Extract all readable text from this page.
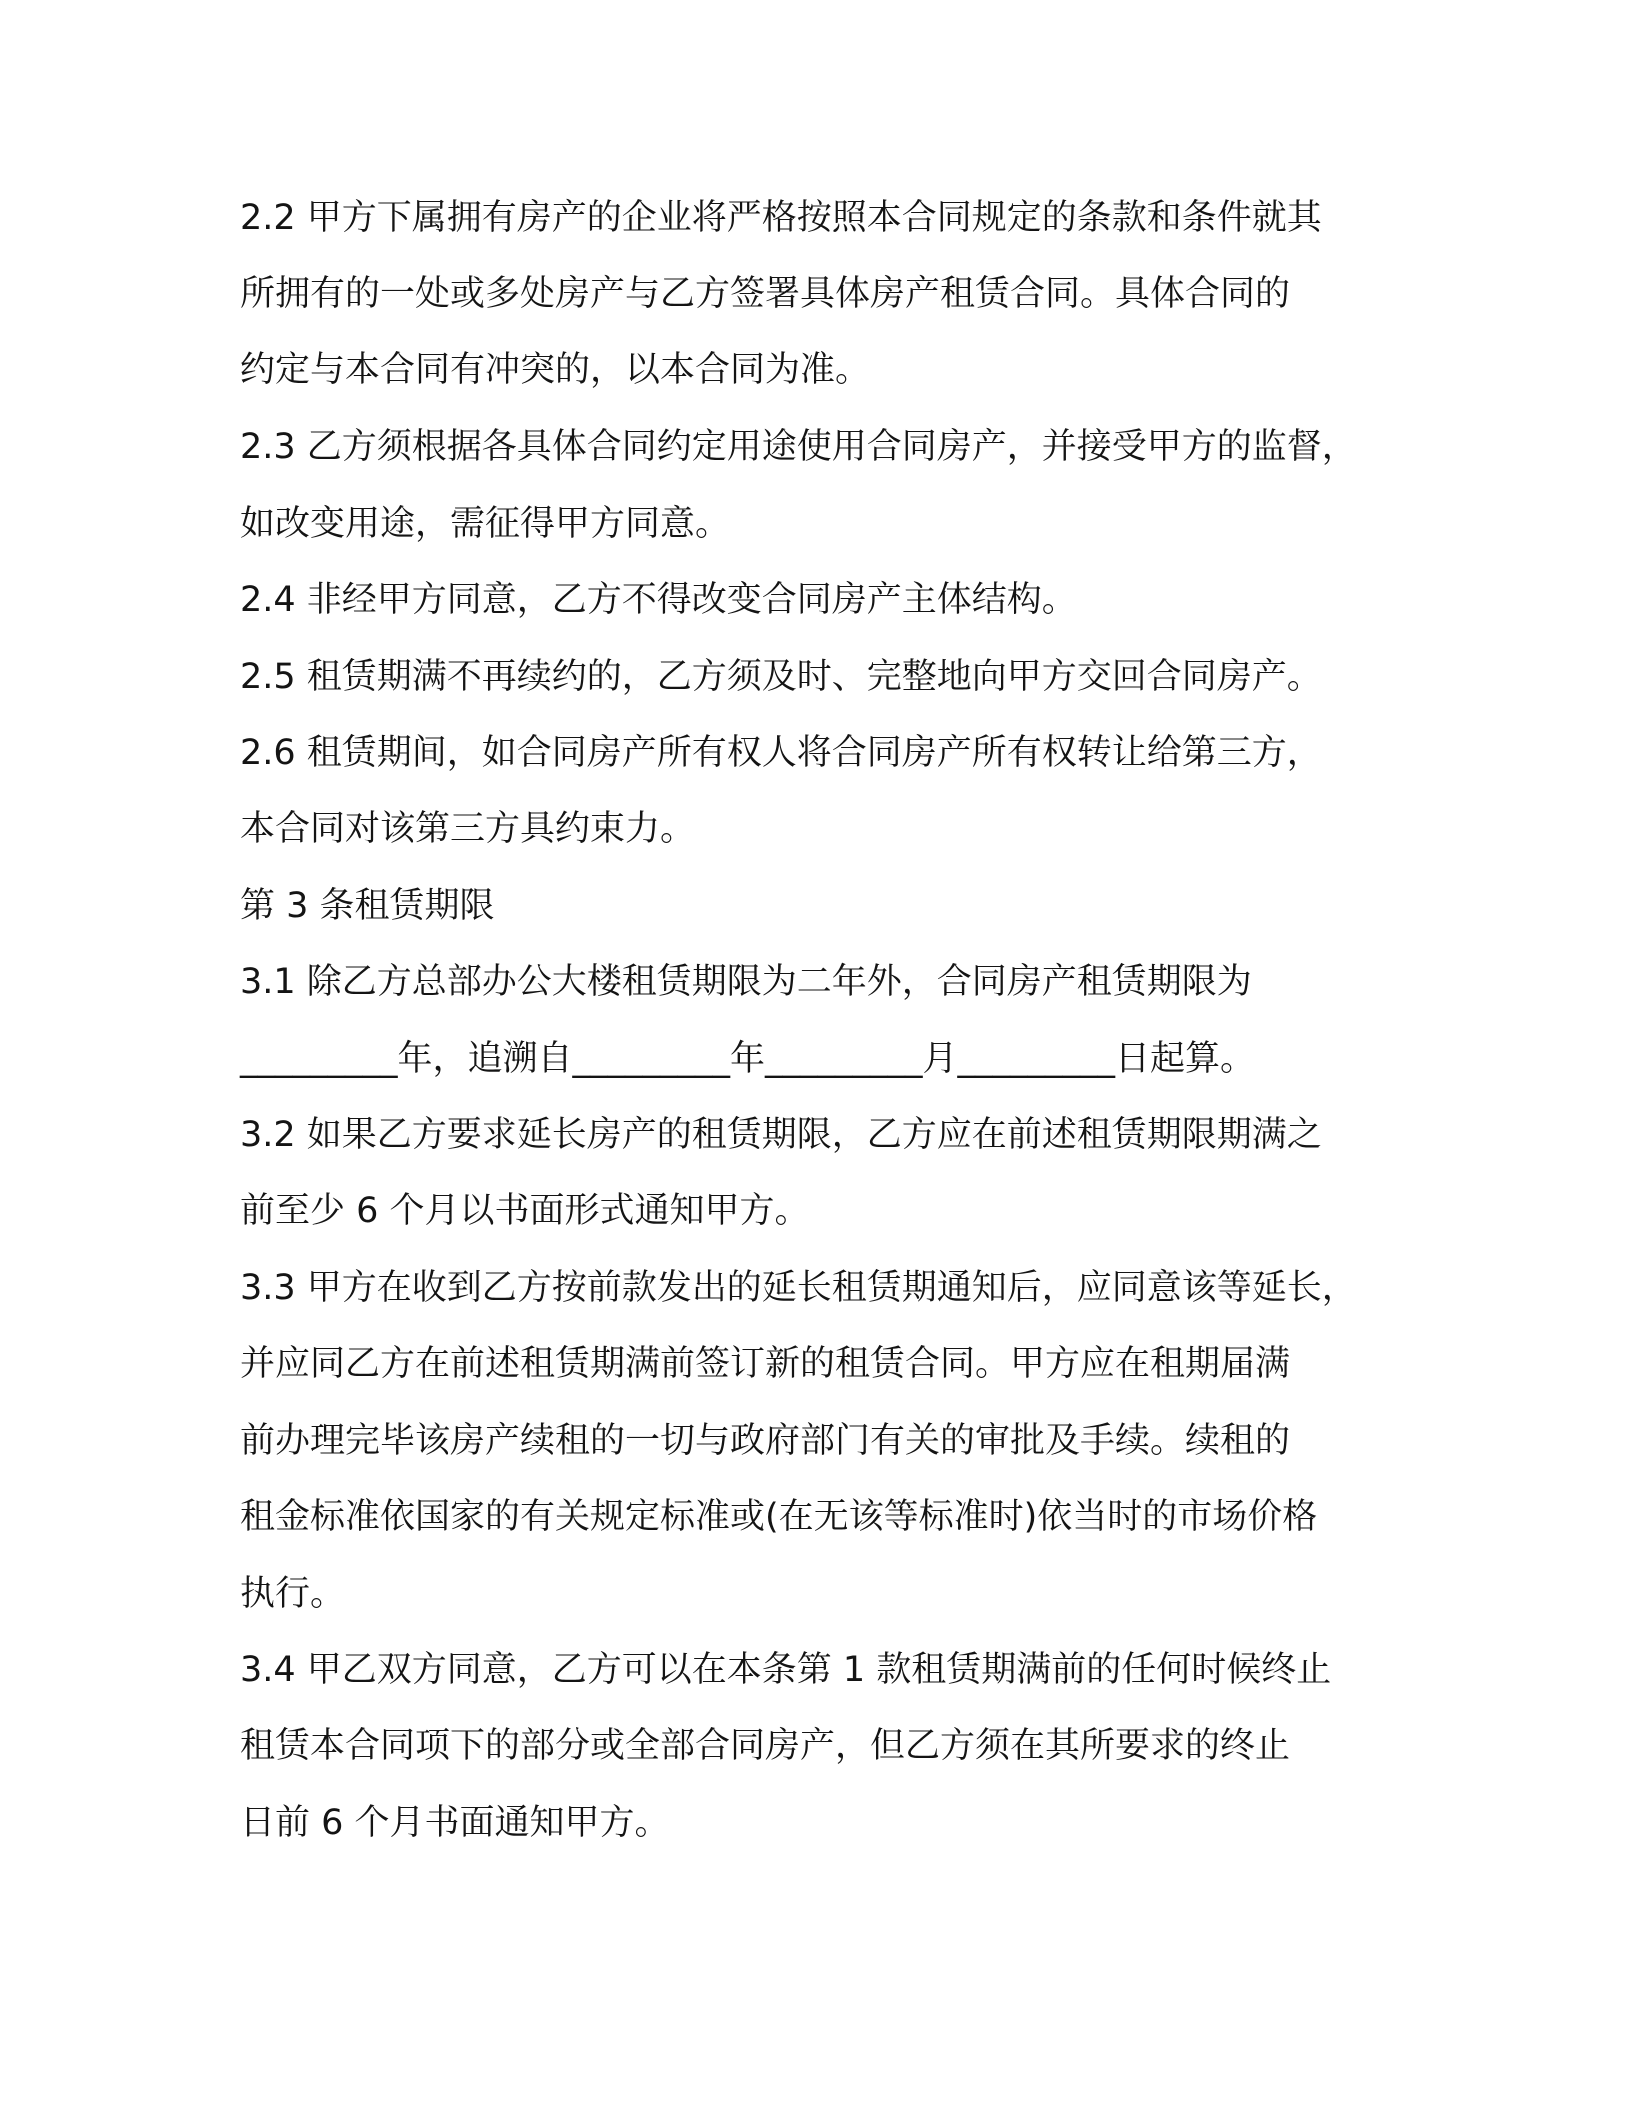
2.2 甲方下属拥有房产的企业将严格按照本合同规定的条款和条件就其

所拥有的一处或多处房产与乙方签署具体房产租赁合同。具体合同的

约定与本合同有冲突的，以本合同为准。

2.3 乙方须根据各具体合同约定用途使用合同房产，并接受甲方的监督，

如改变用途，需征得甲方同意。

2.4 非经甲方同意，乙方不得改变合同房产主体结构。

2.5 租赁期满不再续约的，乙方须及时、完整地向甲方交回合同房产。

2.6 租赁期间，如合同房产所有权人将合同房产所有权转让给第三方，

本合同对该第三方具约束力。

第 3 条租赁期限

3.1 除乙方总部办公大楼租赁期限为二年外，合同房产租赁期限为

_________年，追溯自_________年_________月_________日起算。

3.2 如果乙方要求延长房产的租赁期限，乙方应在前述租赁期限期满之

前至少 6 个月以书面形式通知甲方。

3.3 甲方在收到乙方按前款发出的延长租赁期通知后，应同意该等延长，

并应同乙方在前述租赁期满前签订新的租赁合同。甲方应在租期届满

前办理完毕该房产续租的一切与政府部门有关的审批及手续。续租的

租金标准依国家的有关规定标准或(在无该等标准时)依当时的市场价格

执行。

3.4 甲乙双方同意，乙方可以在本条第 1 款租赁期满前的任何时候终止

租赁本合同项下的部分或全部合同房产，但乙方须在其所要求的终止

日前 6 个月书面通知甲方。
